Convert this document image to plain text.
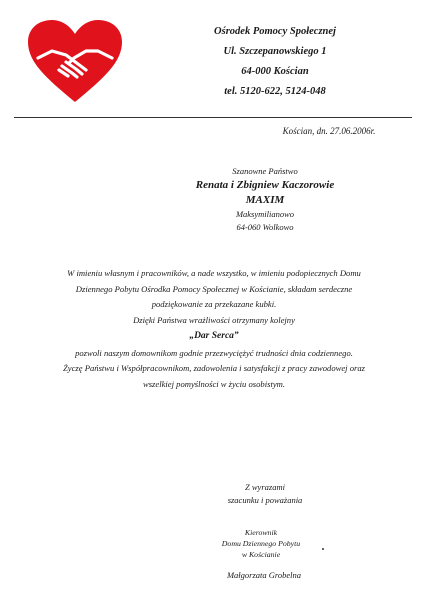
Ośrodek Pomocy Społecznej
Ul. Szczepanowskiego 1
64-000 Kościan
tel. 5120-622, 5124-048
Kościan, dn. 27.06.2006r.
Szanowne Państwo
Renata i Zbigniew Kaczorowie
MAXIM
Maksymilianowo
64-060 Wolkowo
W imieniu własnym i pracowników, a nade wszystko, w imieniu podopiecznych Domu
Dziennego Pobytu Ośrodka Pomocy Społecznej w Kościanie, składam serdeczne
podziękowanie za przekazane kubki.
Dzięki Państwa wrażliwości otrzymany kolejny
„Dar Serca”
pozwoli naszym domownikom godnie przezwyciężyć trudności dnia codziennego.
Życzę Państwu i Współpracownikom, zadowolenia i satysfakcji z pracy zawodowej oraz
wszelkiej pomyślności w życiu osobistym.
Z wyrazami
szacunku i poważania
Kierownik
Domu Dziennego Pobytu
w Kościanie
Małgorzata Grobelna
